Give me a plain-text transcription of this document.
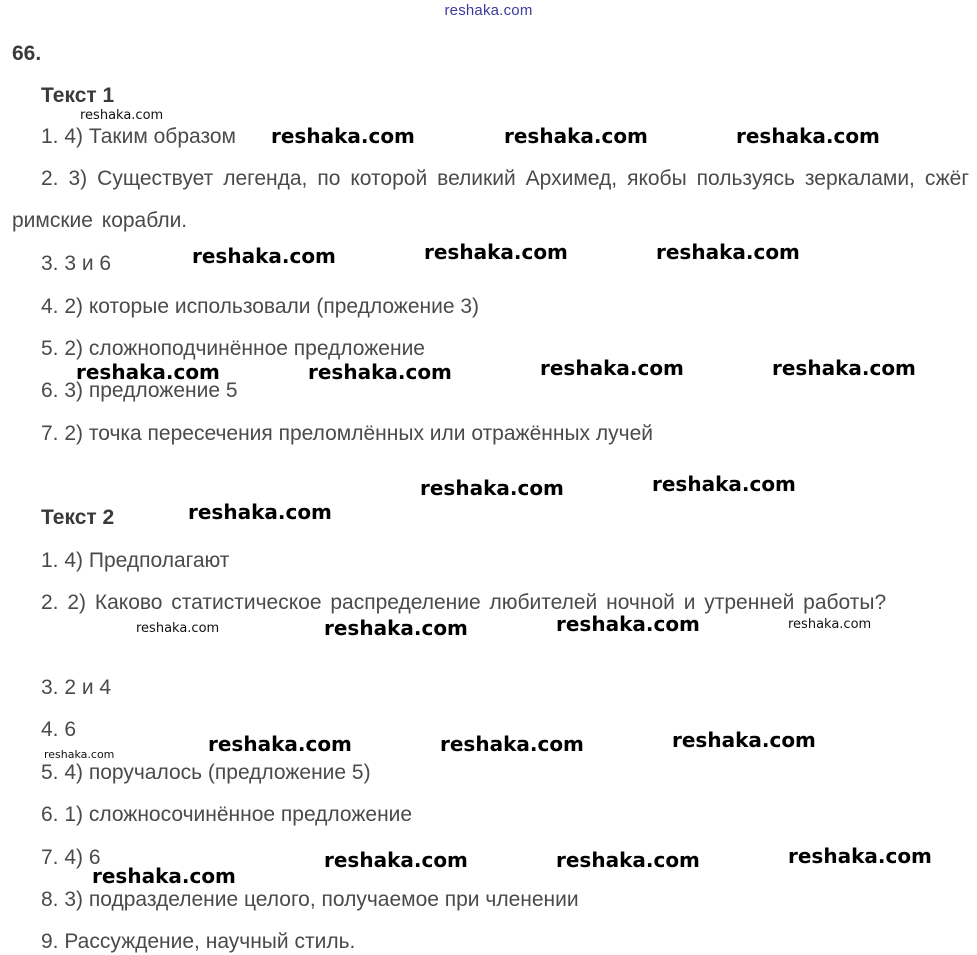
reshaka.com
66.
Текст 1
1. 4) Таким образом
2. 3) Существует легенда, по которой великий Архимед, якобы пользуясь зеркалами, сжёг римские корабли.
3. 3 и 6
4. 2) которые использовали (предложение 3)
5. 2) сложноподчинённое предложение
6. 3) предложение 5
7. 2) точка пересечения преломлённых или отражённых лучей
Текст 2
1. 4) Предполагают
2. 2) Каково статистическое распределение любителей ночной и утренней работы?
3. 2 и 4
4. 6
5. 4) поручалось (предложение 5)
6. 1) сложносочинённое предложение
7. 4) 6
8. 3) подразделение целого, получаемое при членении
9. Рассуждение, научный стиль.
reshaka.com
reshaka.com	reshaka.com	reshaka.com
reshaka.com	reshaka.com
reshaka.com
reshaka.com	reshaka.com
reshaka.com	reshaka.com
reshaka.com
reshaka.com
reshaka.com
reshaka.com	reshaka.com
reshaka.com	reshaka.com
reshaka.com
reshaka.com	reshaka.com
reshaka.com
reshaka.com
reshaka.com	reshaka.com
reshaka.com
